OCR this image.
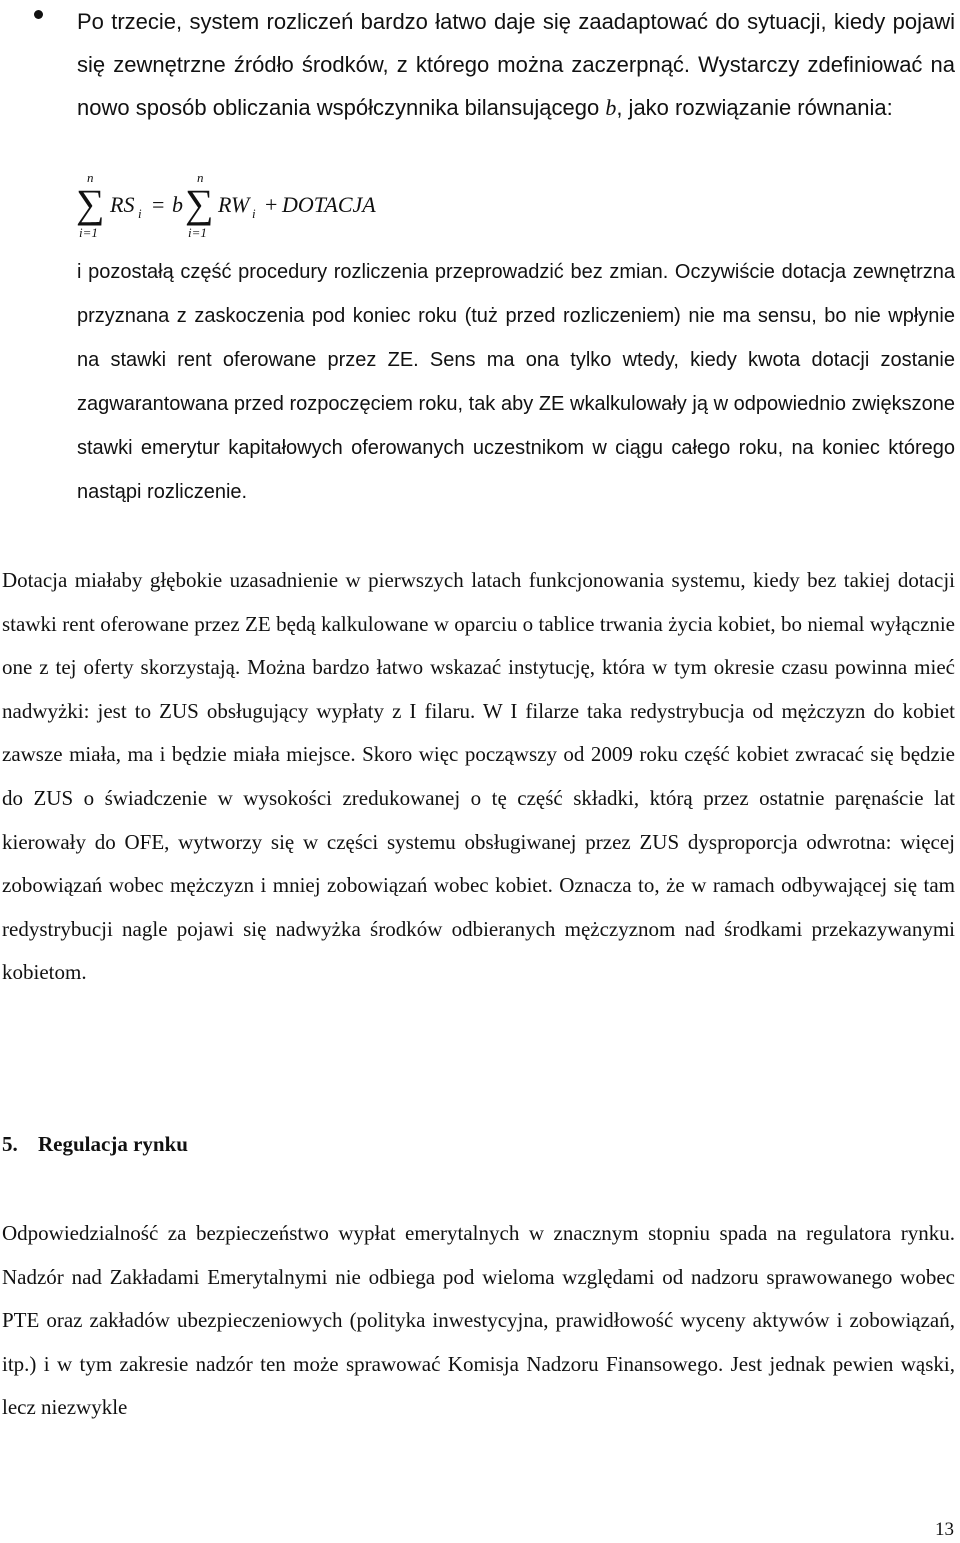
Po trzecie, system rozliczeń bardzo łatwo daje się zaadaptować do sytuacji, kiedy pojawi się zewnętrzne źródło środków, z którego można zaczerpnąć. Wystarczy zdefiniować na nowo sposób obliczania współczynnika bilansującego b, jako rozwiązanie równania:

n
∑
i=1
RS i = b
n
∑
i=1
RW i + DOTACJA

i pozostałą część procedury rozliczenia przeprowadzić bez zmian. Oczywiście dotacja zewnętrzna przyznana z zaskoczenia pod koniec roku (tuż przed rozliczeniem) nie ma sensu, bo nie wpłynie na stawki rent oferowane przez ZE. Sens ma ona tylko wtedy, kiedy kwota dotacji zostanie zagwarantowana przed rozpoczęciem roku, tak aby ZE wkalkulowały ją w odpowiednio zwiększone stawki emerytur kapitałowych oferowanych uczestnikom w ciągu całego roku, na koniec którego nastąpi rozliczenie.

Dotacja miałaby głębokie uzasadnienie w pierwszych latach funkcjonowania systemu, kiedy bez takiej dotacji stawki rent oferowane przez ZE będą kalkulowane w oparciu o tablice trwania życia kobiet, bo niemal wyłącznie one z tej oferty skorzystają. Można bardzo łatwo wskazać instytucję, która w tym okresie czasu powinna mieć nadwyżki: jest to ZUS obsługujący wypłaty z I filaru. W I filarze taka redystrybucja od mężczyzn do kobiet zawsze miała, ma i będzie miała miejsce. Skoro więc począwszy od 2009 roku część kobiet zwracać się będzie do ZUS o świadczenie w wysokości zredukowanej o tę część składki, którą przez ostatnie paręnaście lat kierowały do OFE, wytworzy się w części systemu obsługiwanej przez ZUS dysproporcja odwrotna: więcej zobowiązań wobec mężczyzn i mniej zobowiązań wobec kobiet. Oznacza to, że w ramach odbywającej się tam redystrybucji nagle pojawi się nadwyżka środków odbieranych mężczyznom nad środkami przekazywanymi kobietom.

5. Regulacja rynku

Odpowiedzialność za bezpieczeństwo wypłat emerytalnych w znacznym stopniu spada na regulatora rynku. Nadzór nad Zakładami Emerytalnymi nie odbiega pod wieloma względami od nadzoru sprawowanego wobec PTE oraz zakładów ubezpieczeniowych (polityka inwestycyjna, prawidłowość wyceny aktywów i zobowiązań, itp.) i w tym zakresie nadzór ten może sprawować Komisja Nadzoru Finansowego. Jest jednak pewien wąski, lecz niezwykle

13
